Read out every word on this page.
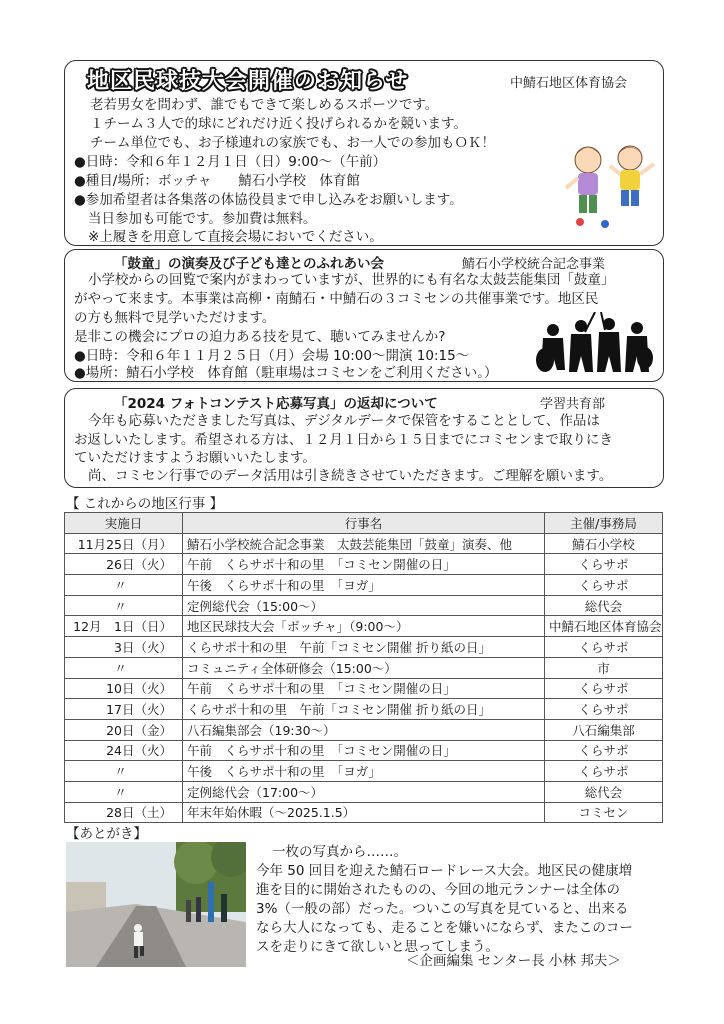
地区民球技大会開催のお知らせ	中鯖石地区体育協会
老若男女を問わず、誰でもできて楽しめるスポーツです。
１チーム３人で的球にどれだけ近く投げられるかを競います。
チーム単位でも、お子様連れの家族でも、お一人での参加もＯＫ！
●日時：令和６年１２月１日（日）9:00〜（午前）
●種目/場所：ボッチャ　　鯖石小学校　体育館
●参加希望者は各集落の体協役員まで申し込みをお願いします。
当日参加も可能です。参加費は無料。
※上履きを用意して直接会場においでください。
「鼓童」の演奏及び子ども達とのふれあい会	鯖石小学校統合記念事業
小学校からの回覧で案内がまわっていますが、世界的にも有名な太鼓芸能集団「鼓童」
がやって来ます。本事業は高柳・南鯖石・中鯖石の３コミセンの共催事業です。地区民
の方も無料で見学いただけます。
是非この機会にプロの迫力ある技を見て、聴いてみませんか?
●日時：令和６年１１月２５日（月）会場 10:00〜開演 10:15〜
●場所：鯖石小学校　体育館（駐車場はコミセンをご利用ください。）
「2024 フォトコンテスト応募写真」の返却について	学習共育部
今年も応募いただきました写真は、デジタルデータで保管をすることとして、作品は
お返しいたします。希望される方は、１２月１日から１５日までにコミセンまで取りにき
ていただけますようお願いいたします。
尚、コミセン行事でのデータ活用は引き続きさせていただきます。ご理解を願います。
【 これからの地区行事 】
実施日	行事名	主催/事務局
11月25日（月）	鯖石小学校統合記念事業　太鼓芸能集団「鼓童」演奏、他	鯖石小学校
26日（火）	午前　くらサポ十和の里　「コミセン開催の日」	くらサポ
〃	午後　くらサポ十和の里　「ヨガ」	くらサポ
〃	定例総代会（15:00〜）	総代会
12月　1日（日）	地区民球技大会「ボッチャ」（9:00〜）	中鯖石地区体育協会
3日（火）	くらサポ十和の里　午前「コミセン開催 折り紙の日」	くらサポ
〃	コミュニティ全体研修会（15:00〜）	市
10日（火）	午前　くらサポ十和の里　「コミセン開催の日」	くらサポ
17日（火）	くらサポ十和の里　午前「コミセン開催 折り紙の日」	くらサポ
20日（金）	八石編集部会（19:30〜）	八石編集部
24日（火）	午前　くらサポ十和の里　「コミセン開催の日」	くらサポ
〃	午後　くらサポ十和の里　「ヨガ」	くらサポ
〃	定例総代会（17:00〜）	総代会
28日（土）	年末年始休暇（〜2025.1.5）	コミセン
【あとがき】
一枚の写真から……。
今年 50 回目を迎えた鯖石ロードレース大会。地区民の健康増
進を目的に開始されたものの、今回の地元ランナーは全体の
3%（一般の部）だった。ついこの写真を見ていると、出来る
なら大人になっても、走ることを嫌いにならず、またこのコー
スを走りにきて欲しいと思ってしまう。
＜企画編集 センター長 小林 邦夫＞
